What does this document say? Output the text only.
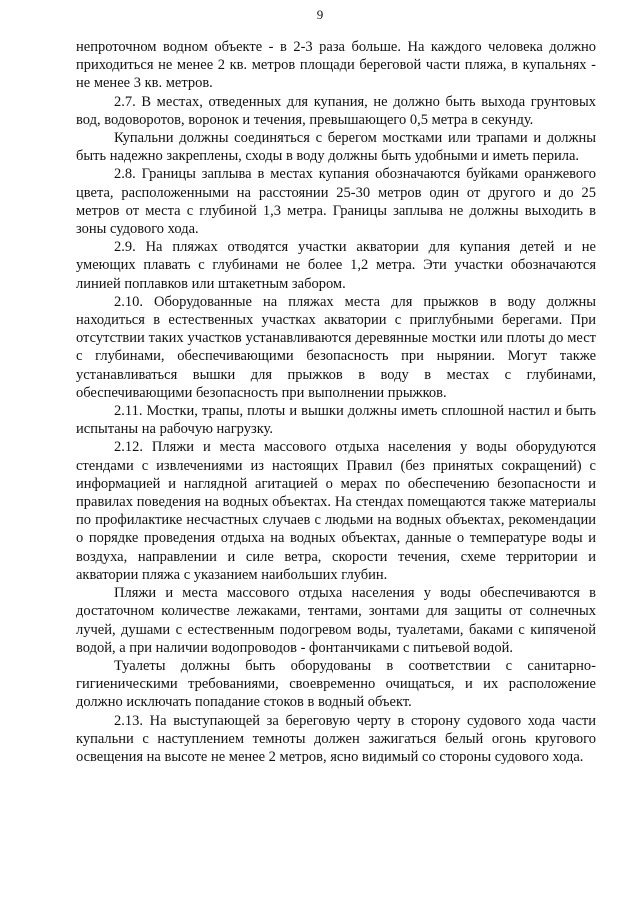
9

непроточном водном объекте - в 2-3 раза больше. На каждого человека должно приходиться не менее 2 кв. метров площади береговой части пляжа, в купальнях - не менее 3 кв. метров.

2.7. В местах, отведенных для купания, не должно быть выхода грунтовых вод, водоворотов, воронок и течения, превышающего 0,5 метра в секунду.

Купальни должны соединяться с берегом мостками или трапами и должны быть надежно закреплены, сходы в воду должны быть удобными и иметь перила.

2.8. Границы заплыва в местах купания обозначаются буйками оранжевого цвета, расположенными на расстоянии 25-30 метров один от другого и до 25 метров от места с глубиной 1,3 метра. Границы заплыва не должны выходить в зоны судового хода.

2.9. На пляжах отводятся участки акватории для купания детей и не умеющих плавать с глубинами не более 1,2 метра. Эти участки обозначаются линией поплавков или штакетным забором.

2.10. Оборудованные на пляжах места для прыжков в воду должны находиться в естественных участках акватории с приглубными берегами. При отсутствии таких участков устанавливаются деревянные мостки или плоты до мест с глубинами, обеспечивающими безопасность при нырянии. Могут также устанавливаться вышки для прыжков в воду в местах с глубинами, обеспечивающими безопасность при выполнении прыжков.

2.11. Мостки, трапы, плоты и вышки должны иметь сплошной настил и быть испытаны на рабочую нагрузку.

2.12. Пляжи и места массового отдыха населения у воды оборудуются стендами с извлечениями из настоящих Правил (без принятых сокращений) с информацией и наглядной агитацией о мерах по обеспечению безопасности и правилах поведения на водных объектах. На стендах помещаются также материалы по профилактике несчастных случаев с людьми на водных объектах, рекомендации о порядке проведения отдыха на водных объектах, данные о температуре воды и воздуха, направлении и силе ветра, скорости течения, схеме территории и акватории пляжа с указанием наибольших глубин.

Пляжи и места массового отдыха населения у воды обеспечиваются в достаточном количестве лежаками, тентами, зонтами для защиты от солнечных лучей, душами с естественным подогревом воды, туалетами, баками с кипяченой водой, а при наличии водопроводов - фонтанчиками с питьевой водой.

Туалеты должны быть оборудованы в соответствии с санитарно-гигиеническими требованиями, своевременно очищаться, и их расположение должно исключать попадание стоков в водный объект.

2.13. На выступающей за береговую черту в сторону судового хода части купальни с наступлением темноты должен зажигаться белый огонь кругового освещения на высоте не менее 2 метров, ясно видимый со стороны судового хода.
